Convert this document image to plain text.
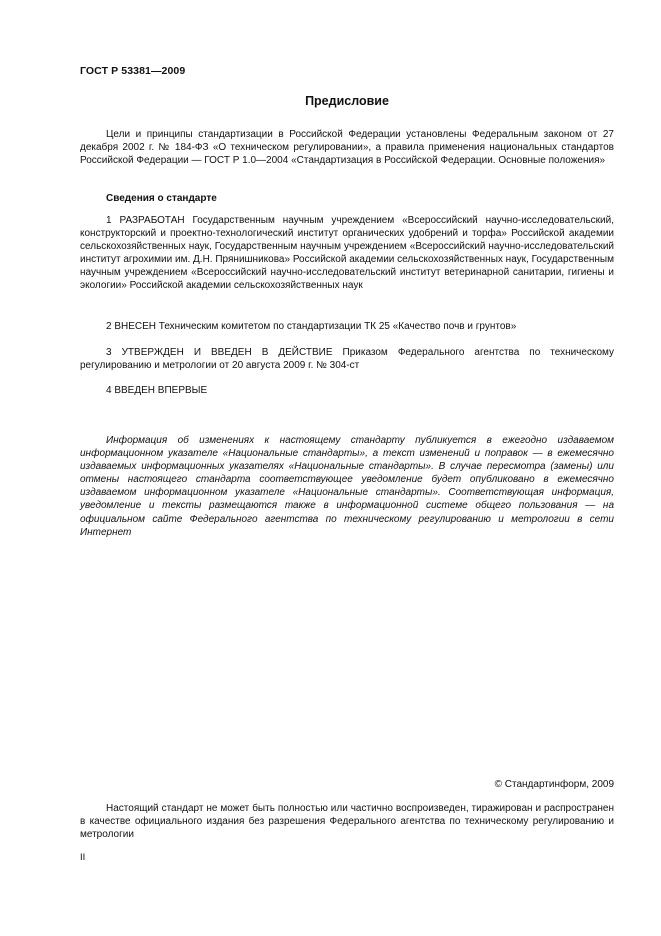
ГОСТ Р 53381—2009
Предисловие

Цели и принципы стандартизации в Российской Федерации установлены Федеральным законом от 27 декабря 2002 г. № 184-ФЗ «О техническом регулировании», а правила применения национальных стандартов Российской Федерации — ГОСТ Р 1.0—2004 «Стандартизация в Российской Федерации. Основные положения»

Сведения о стандарте

1 РАЗРАБОТАН Государственным научным учреждением «Всероссийский научно-исследовательский, конструкторский и проектно-технологический институт органических удобрений и торфа» Российской академии сельскохозяйственных наук, Государственным научным учреждением «Всероссийский научно-исследовательский институт агрохимии им. Д.Н. Прянишникова» Российской академии сельскохозяйственных наук, Государственным научным учреждением «Всероссийский научно-исследовательский институт ветеринарной санитарии, гигиены и экологии» Российской академии сельскохозяйственных наук

2 ВНЕСЕН Техническим комитетом по стандартизации ТК 25 «Качество почв и грунтов»

3 УТВЕРЖДЕН И ВВЕДЕН В ДЕЙСТВИЕ Приказом Федерального агентства по техническому регулированию и метрологии от 20 августа 2009 г. № 304-ст

4 ВВЕДЕН ВПЕРВЫЕ

Информация об изменениях к настоящему стандарту публикуется в ежегодно издаваемом информационном указателе «Национальные стандарты», а текст изменений и поправок — в ежемесячно издаваемых информационных указателях «Национальные стандарты». В случае пересмотра (замены) или отмены настоящего стандарта соответствующее уведомление будет опубликовано в ежемесячно издаваемом информационном указателе «Национальные стандарты». Соответствующая информация, уведомление и тексты размещаются также в информационной системе общего пользования — на официальном сайте Федерального агентства по техническому регулированию и метрологии в сети Интернет

© Стандартинформ, 2009

Настоящий стандарт не может быть полностью или частично воспроизведен, тиражирован и распространен в качестве официального издания без разрешения Федерального агентства по техническому регулированию и метрологии

II
